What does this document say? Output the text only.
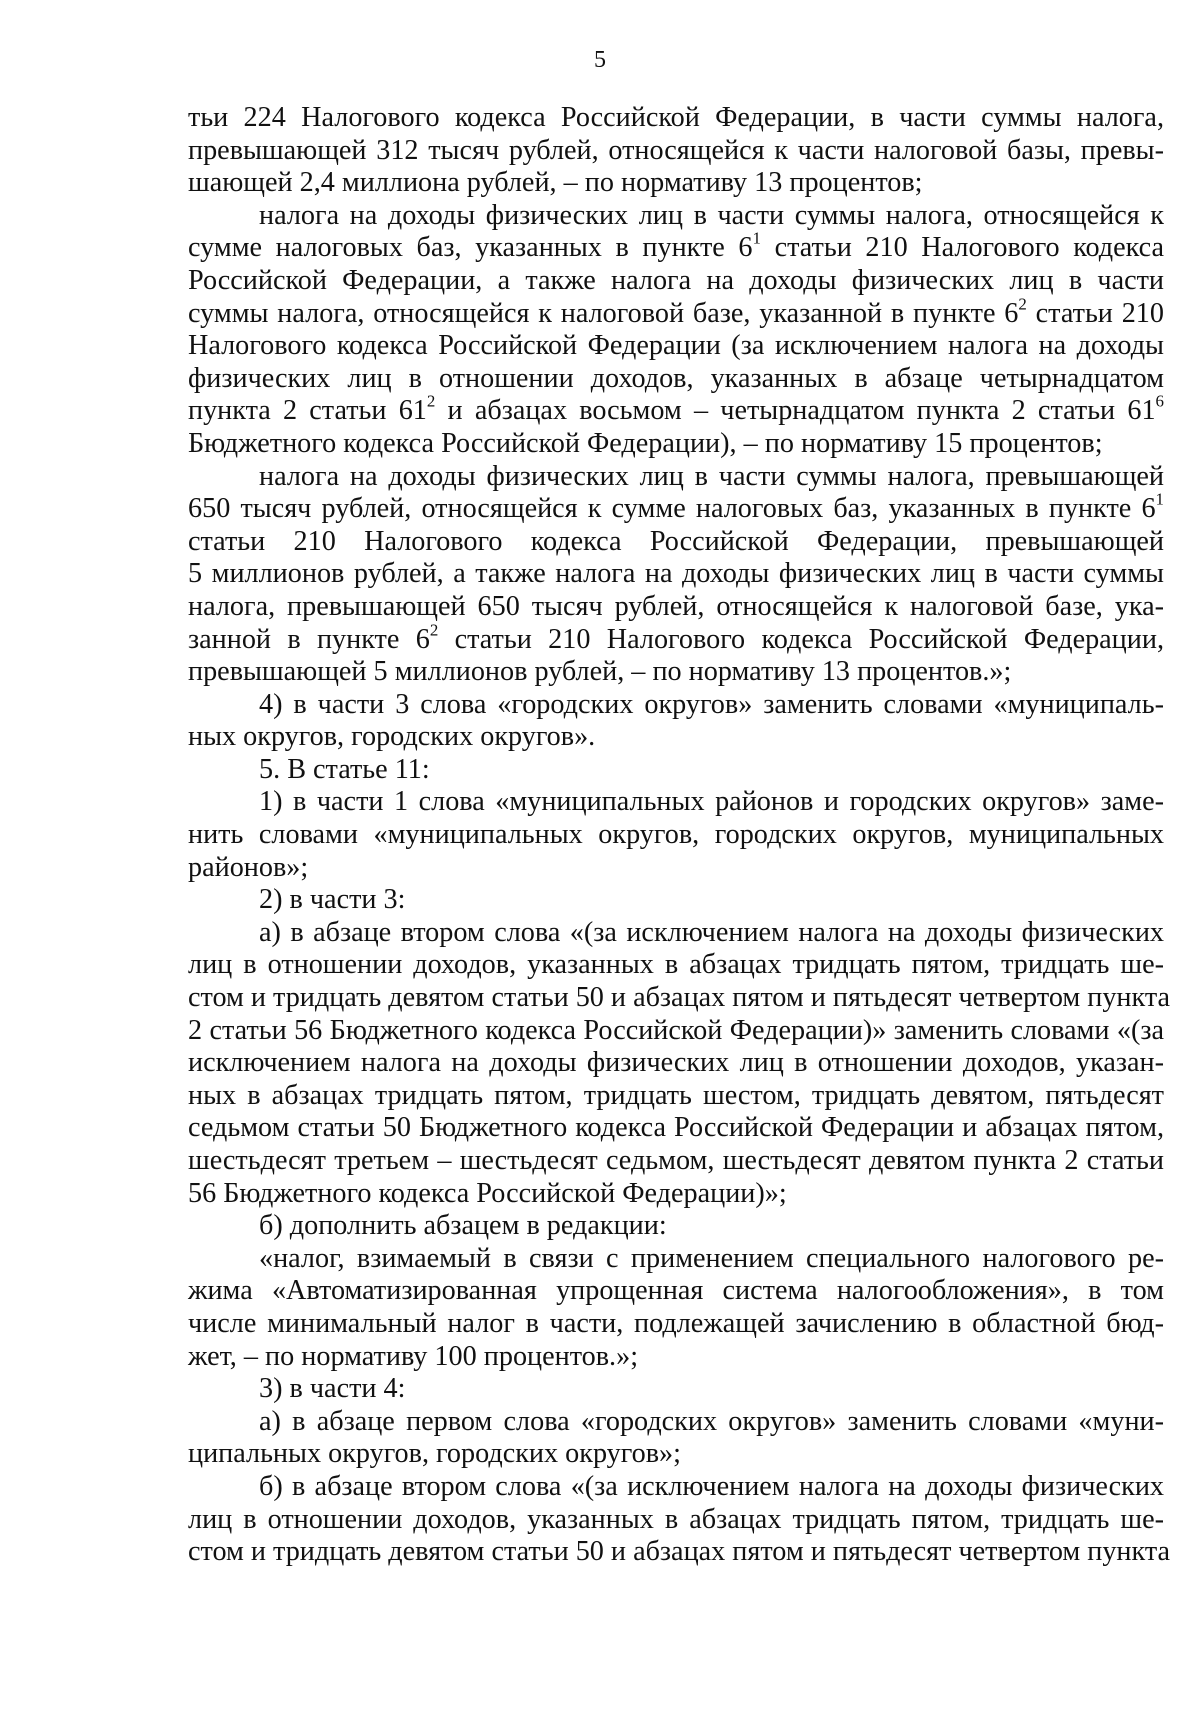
5
тьи 224 Налогового кодекса Российской Федерации, в части суммы налога,
превышающей 312 тысяч рублей, относящейся к части налоговой базы, превы-
шающей 2,4 миллиона рублей, – по нормативу 13 процентов;
налога на доходы физических лиц в части суммы налога, относящейся к
сумме налоговых баз, указанных в пункте $6^1$ статьи 210 Налогового кодекса
Российской Федерации, а также налога на доходы физических лиц в части
суммы налога, относящейся к налоговой базе, указанной в пункте $6^2$ статьи 210
Налогового кодекса Российской Федерации (за исключением налога на доходы
физических лиц в отношении доходов, указанных в абзаце четырнадцатом
пункта 2 статьи $61^2$ и абзацах восьмом – четырнадцатом пункта 2 статьи $61^6$
Бюджетного кодекса Российской Федерации), – по нормативу 15 процентов;
налога на доходы физических лиц в части суммы налога, превышающей
650 тысяч рублей, относящейся к сумме налоговых баз, указанных в пункте $6^1$
статьи 210 Налогового кодекса Российской Федерации, превышающей
5 миллионов рублей, а также налога на доходы физических лиц в части суммы
налога, превышающей 650 тысяч рублей, относящейся к налоговой базе, ука-
занной в пункте $6^2$ статьи 210 Налогового кодекса Российской Федерации,
превышающей 5 миллионов рублей, – по нормативу 13 процентов.»;
4) в части 3 слова «городских округов» заменить словами «муниципаль-
ных округов, городских округов».
5. В статье 11:
1) в части 1 слова «муниципальных районов и городских округов» заме-
нить словами «муниципальных округов, городских округов, муниципальных
районов»;
2) в части 3:
а) в абзаце втором слова «(за исключением налога на доходы физических
лиц в отношении доходов, указанных в абзацах тридцать пятом, тридцать ше-
стом и тридцать девятом статьи 50 и абзацах пятом и пятьдесят четвертом пункта
2 статьи 56 Бюджетного кодекса Российской Федерации)» заменить словами «(за
исключением налога на доходы физических лиц в отношении доходов, указан-
ных в абзацах тридцать пятом, тридцать шестом, тридцать девятом, пятьдесят
седьмом статьи 50 Бюджетного кодекса Российской Федерации и абзацах пятом,
шестьдесят третьем – шестьдесят седьмом, шестьдесят девятом пункта 2 статьи
56 Бюджетного кодекса Российской Федерации)»;
б) дополнить абзацем в редакции:
«налог, взимаемый в связи с применением специального налогового ре-
жима «Автоматизированная упрощенная система налогообложения», в том
числе минимальный налог в части, подлежащей зачислению в областной бюд-
жет, – по нормативу 100 процентов.»;
3) в части 4:
а) в абзаце первом слова «городских округов» заменить словами «муни-
ципальных округов, городских округов»;
б) в абзаце втором слова «(за исключением налога на доходы физических
лиц в отношении доходов, указанных в абзацах тридцать пятом, тридцать ше-
стом и тридцать девятом статьи 50 и абзацах пятом и пятьдесят четвертом пункта
